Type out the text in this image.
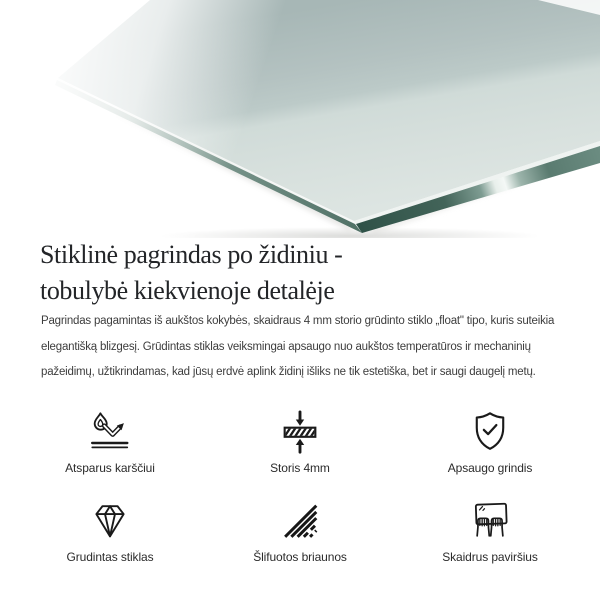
Stiklinė pagrindas po židiniu -
tobulybė kiekvienoje detalėje
Pagrindas pagamintas iš aukštos kokybės, skaidraus 4 mm storio grūdinto stiklo „float" tipo, kuris suteikia
elegantišką blizgesį. Grūdintas stiklas veiksmingai apsaugo nuo aukštos temperatūros ir mechaninių
pažeidimų, užtikrindamas, kad jūsų erdvė aplink židinį išliks ne tik estetiška, bet ir saugi daugelį metų.
Atsparus karščiui	Storis 4mm	Apsaugo grindis
Grudintas stiklas	Šlifuotos briaunos	Skaidrus paviršius
